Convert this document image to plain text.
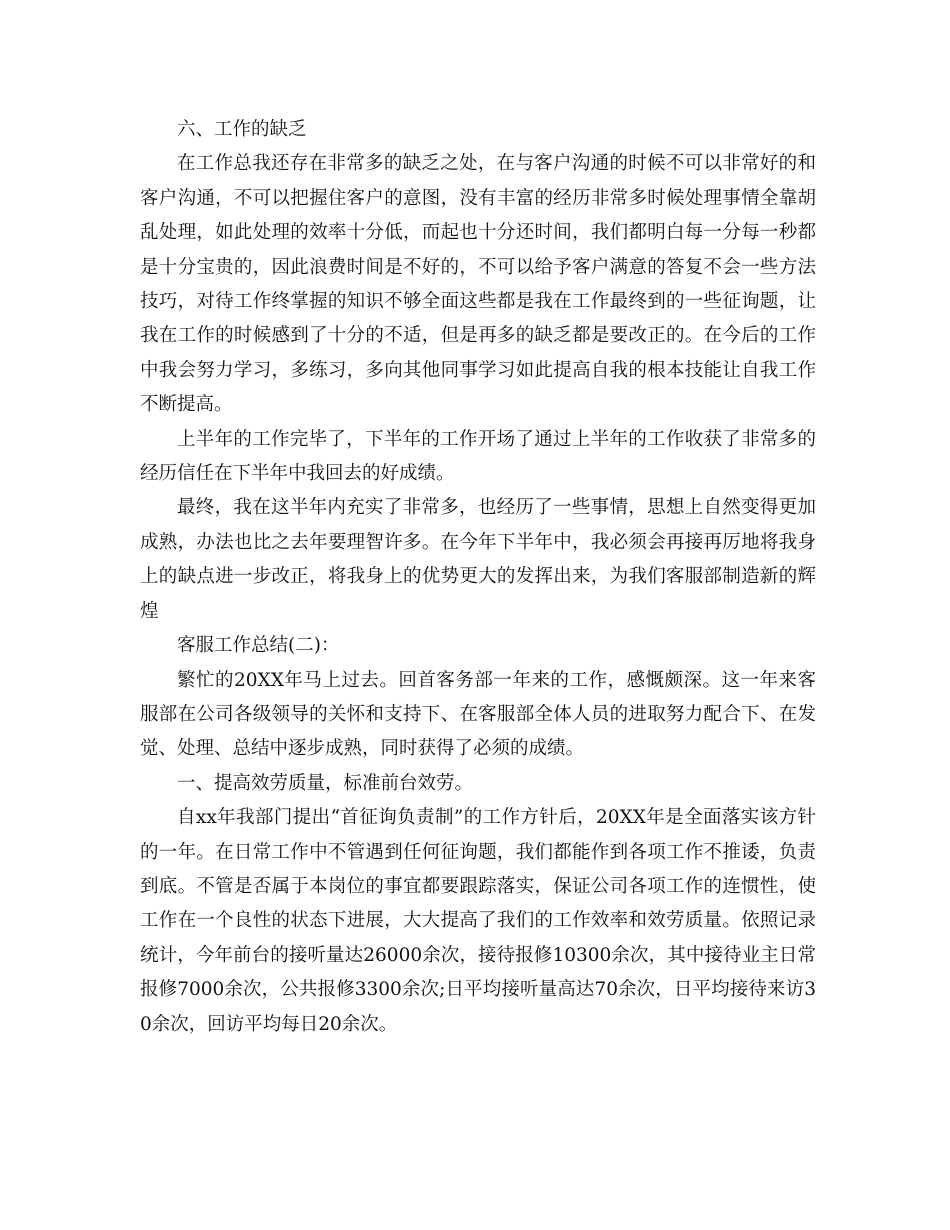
六、工作的缺乏

在工作总我还存在非常多的缺乏之处，在与客户沟通的时候不可以非常好的和客户沟通，不可以把握住客户的意图，没有丰富的经历非常多时候处理事情全靠胡乱处理，如此处理的效率十分低，而起也十分还时间，我们都明白每一分每一秒都是十分宝贵的，因此浪费时间是不好的，不可以给予客户满意的答复不会一些方法技巧，对待工作终掌握的知识不够全面这些都是我在工作最终到的一些征询题，让我在工作的时候感到了十分的不适，但是再多的缺乏都是要改正的。在今后的工作中我会努力学习，多练习，多向其他同事学习如此提高自我的根本技能让自我工作不断提高。

上半年的工作完毕了，下半年的工作开场了通过上半年的工作收获了非常多的经历信任在下半年中我回去的好成绩。

最终，我在这半年内充实了非常多，也经历了一些事情，思想上自然变得更加成熟，办法也比之去年要理智许多。在今年下半年中，我必须会再接再厉地将我身上的缺点进一步改正，将我身上的优势更大的发挥出来，为我们客服部制造新的辉煌

客服工作总结(二)：

繁忙的20XX年马上过去。回首客务部一年来的工作，感慨颇深。这一年来客服部在公司各级领导的关怀和支持下、在客服部全体人员的进取努力配合下、在发觉、处理、总结中逐步成熟，同时获得了必须的成绩。

一、提高效劳质量，标准前台效劳。

自xx年我部门提出“首征询负责制”的工作方针后，20XX年是全面落实该方针的一年。在日常工作中不管遇到任何征询题，我们都能作到各项工作不推诿，负责到底。不管是否属于本岗位的事宜都要跟踪落实，保证公司各项工作的连惯性，使工作在一个良性的状态下进展，大大提高了我们的工作效率和效劳质量。依照记录统计，今年前台的接听量达26000余次，接待报修10300余次，其中接待业主日常报修7000余次，公共报修3300余次;日平均接听量高达70余次，日平均接待来访30余次，回访平均每日20余次。
